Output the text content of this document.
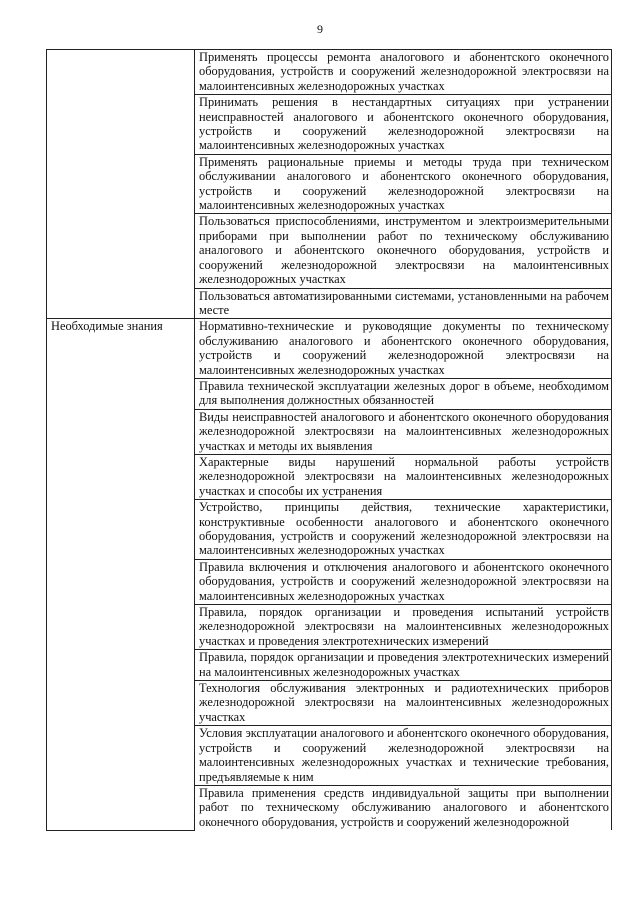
9
	Применять процессы ремонта аналогового и абонентского оконечного оборудования, устройств и сооружений железнодорожной электросвязи на малоинтенсивных железнодорожных участках
	Принимать решения в нестандартных ситуациях при устранении неисправностей аналогового и абонентского оконечного оборудования, устройств и сооружений железнодорожной электросвязи на малоинтенсивных железнодорожных участках
	Применять рациональные приемы и методы труда при техническом обслуживании аналогового и абонентского оконечного оборудования, устройств и сооружений железнодорожной электросвязи на малоинтенсивных железнодорожных участках
	Пользоваться приспособлениями, инструментом и электроизмерительными приборами при выполнении работ по техническому обслуживанию аналогового и абонентского оконечного оборудования, устройств и сооружений железнодорожной электросвязи на малоинтенсивных железнодорожных участках
	Пользоваться автоматизированными системами, установленными на рабочем месте

Необходимые знания	Нормативно-технические и руководящие документы по техническому обслуживанию аналогового и абонентского оконечного оборудования, устройств и сооружений железнодорожной электросвязи на малоинтенсивных железнодорожных участках
	Правила технической эксплуатации железных дорог в объеме, необходимом для выполнения должностных обязанностей
	Виды неисправностей аналогового и абонентского оконечного оборудования железнодорожной электросвязи на малоинтенсивных железнодорожных участках и методы их выявления
	Характерные виды нарушений нормальной работы устройств железнодорожной электросвязи на малоинтенсивных железнодорожных участках и способы их устранения
	Устройство, принципы действия, технические характеристики, конструктивные особенности аналогового и абонентского оконечного оборудования, устройств и сооружений железнодорожной электросвязи на малоинтенсивных железнодорожных участках
	Правила включения и отключения аналогового и абонентского оконечного оборудования, устройств и сооружений железнодорожной электросвязи на малоинтенсивных железнодорожных участках
	Правила, порядок организации и проведения испытаний устройств железнодорожной электросвязи на малоинтенсивных железнодорожных участках и проведения электротехнических измерений
	Правила, порядок организации и проведения электротехнических измерений на малоинтенсивных железнодорожных участках
	Технология обслуживания электронных и радиотехнических приборов железнодорожной электросвязи на малоинтенсивных железнодорожных участках
	Условия эксплуатации аналогового и абонентского оконечного оборудования, устройств и сооружений железнодорожной электросвязи на малоинтенсивных железнодорожных участках и технические требования, предъявляемые к ним
	Правила применения средств индивидуальной защиты при выполнении работ по техническому обслуживанию аналогового и абонентского оконечного оборудования, устройств и сооружений железнодорожной
